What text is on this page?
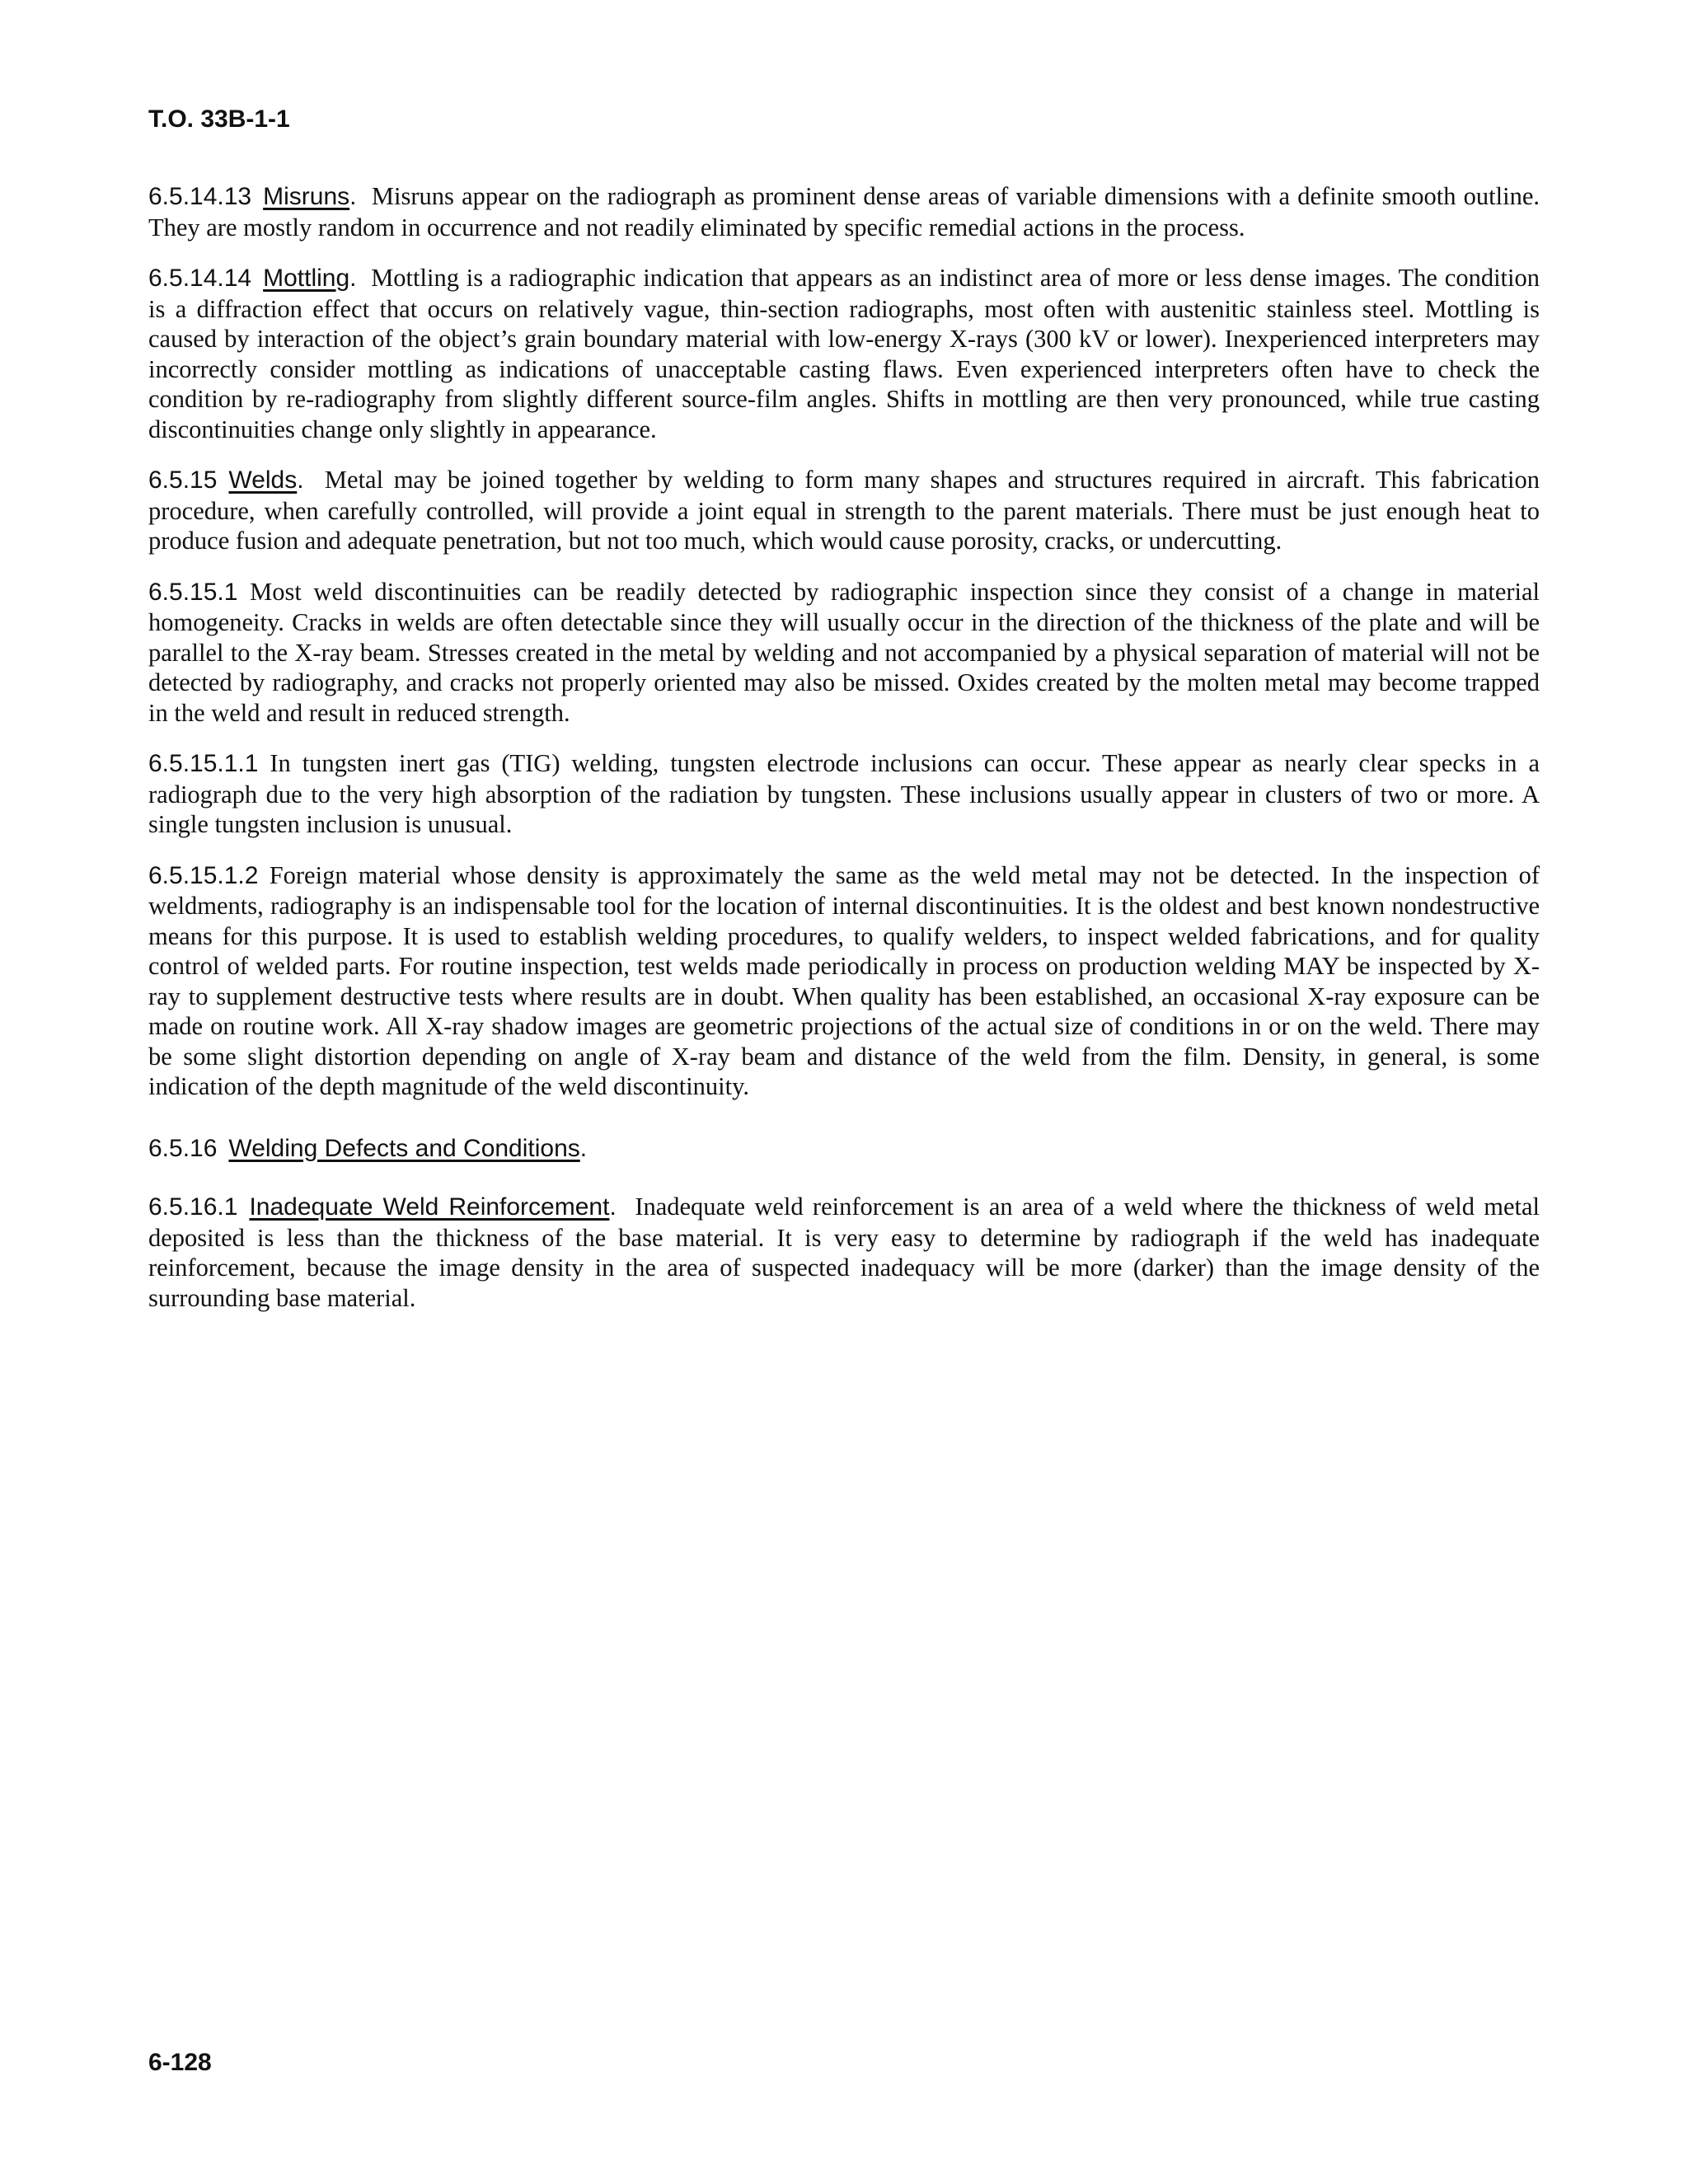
T.O. 33B-1-1

6.5.14.13 Misruns. Misruns appear on the radiograph as prominent dense areas of variable dimensions with a definite smooth outline. They are mostly random in occurrence and not readily eliminated by specific remedial actions in the process.

6.5.14.14 Mottling. Mottling is a radiographic indication that appears as an indistinct area of more or less dense images. The condition is a diffraction effect that occurs on relatively vague, thin-section radiographs, most often with austenitic stainless steel. Mottling is caused by interaction of the object’s grain boundary material with low-energy X-rays (300 kV or lower). Inexperienced interpreters may incorrectly consider mottling as indications of unacceptable casting flaws. Even experienced interpreters often have to check the condition by re-radiography from slightly different source-film angles. Shifts in mottling are then very pronounced, while true casting discontinuities change only slightly in appearance.

6.5.15 Welds. Metal may be joined together by welding to form many shapes and structures required in aircraft. This fabrication procedure, when carefully controlled, will provide a joint equal in strength to the parent materials. There must be just enough heat to produce fusion and adequate penetration, but not too much, which would cause porosity, cracks, or undercutting.

6.5.15.1 Most weld discontinuities can be readily detected by radiographic inspection since they consist of a change in material homogeneity. Cracks in welds are often detectable since they will usually occur in the direction of the thickness of the plate and will be parallel to the X-ray beam. Stresses created in the metal by welding and not accompanied by a physical separation of material will not be detected by radiography, and cracks not properly oriented may also be missed. Oxides created by the molten metal may become trapped in the weld and result in reduced strength.

6.5.15.1.1 In tungsten inert gas (TIG) welding, tungsten electrode inclusions can occur. These appear as nearly clear specks in a radiograph due to the very high absorption of the radiation by tungsten. These inclusions usually appear in clusters of two or more. A single tungsten inclusion is unusual.

6.5.15.1.2 Foreign material whose density is approximately the same as the weld metal may not be detected. In the inspection of weldments, radiography is an indispensable tool for the location of internal discontinuities. It is the oldest and best known nondestructive means for this purpose. It is used to establish welding procedures, to qualify welders, to inspect welded fabrications, and for quality control of welded parts. For routine inspection, test welds made periodically in process on production welding MAY be inspected by X-ray to supplement destructive tests where results are in doubt. When quality has been established, an occasional X-ray exposure can be made on routine work. All X-ray shadow images are geometric projections of the actual size of conditions in or on the weld. There may be some slight distortion depending on angle of X-ray beam and distance of the weld from the film. Density, in general, is some indication of the depth magnitude of the weld discontinuity.

6.5.16 Welding Defects and Conditions.

6.5.16.1 Inadequate Weld Reinforcement. Inadequate weld reinforcement is an area of a weld where the thickness of weld metal deposited is less than the thickness of the base material. It is very easy to determine by radiograph if the weld has inadequate reinforcement, because the image density in the area of suspected inadequacy will be more (darker) than the image density of the surrounding base material.

6-128
